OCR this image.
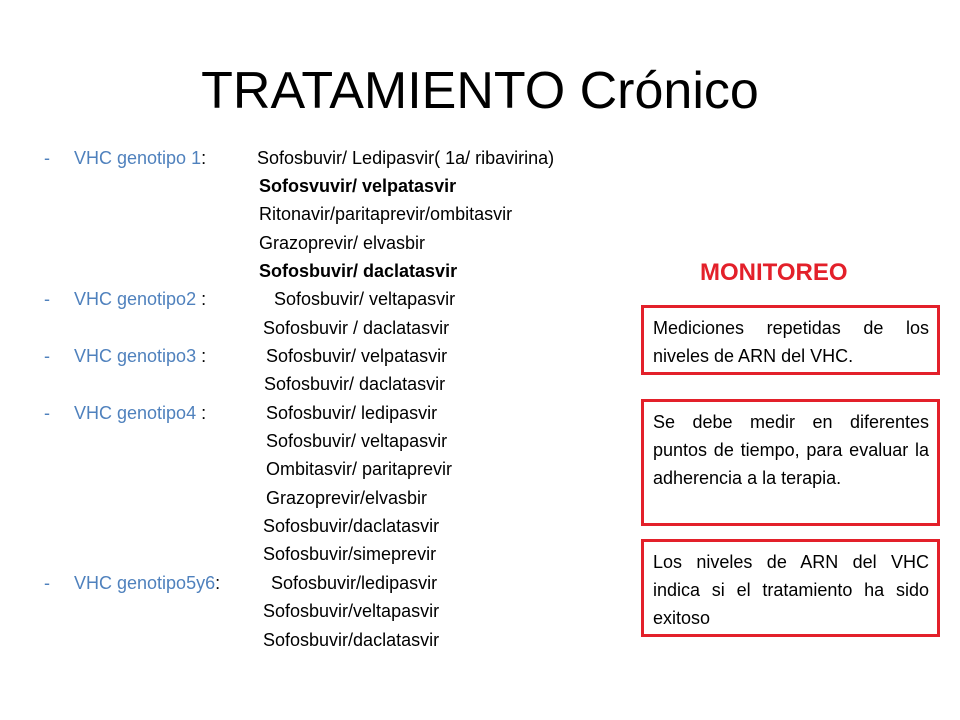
TRATAMIENTO Crónico
- VHC genotipo 1:	Sofosbuvir/ Ledipasvir( 1a/ ribavirina)
Sofosvuvir/ velpatasvir
Ritonavir/paritaprevir/ombitasvir
Grazoprevir/ elvasbir
Sofosbuvir/ daclatasvir
- VHC genotipo2 :	Sofosbuvir/ veltapasvir
Sofosbuvir / daclatasvir
- VHC genotipo3 :	Sofosbuvir/ velpatasvir
Sofosbuvir/ daclatasvir
- VHC genotipo4 :	Sofosbuvir/ ledipasvir
Sofosbuvir/ veltapasvir
Ombitasvir/ paritaprevir
Grazoprevir/elvasbir
Sofosbuvir/daclatasvir
Sofosbuvir/simeprevir
- VHC genotipo5y6:	Sofosbuvir/ledipasvir
Sofosbuvir/veltapasvir
Sofosbuvir/daclatasvir
MONITOREO
Mediciones repetidas de los niveles de ARN del VHC.
Se debe medir en diferentes puntos de tiempo, para evaluar la adherencia a la terapia.
Los niveles de ARN del VHC indica si el tratamiento ha sido exitoso
